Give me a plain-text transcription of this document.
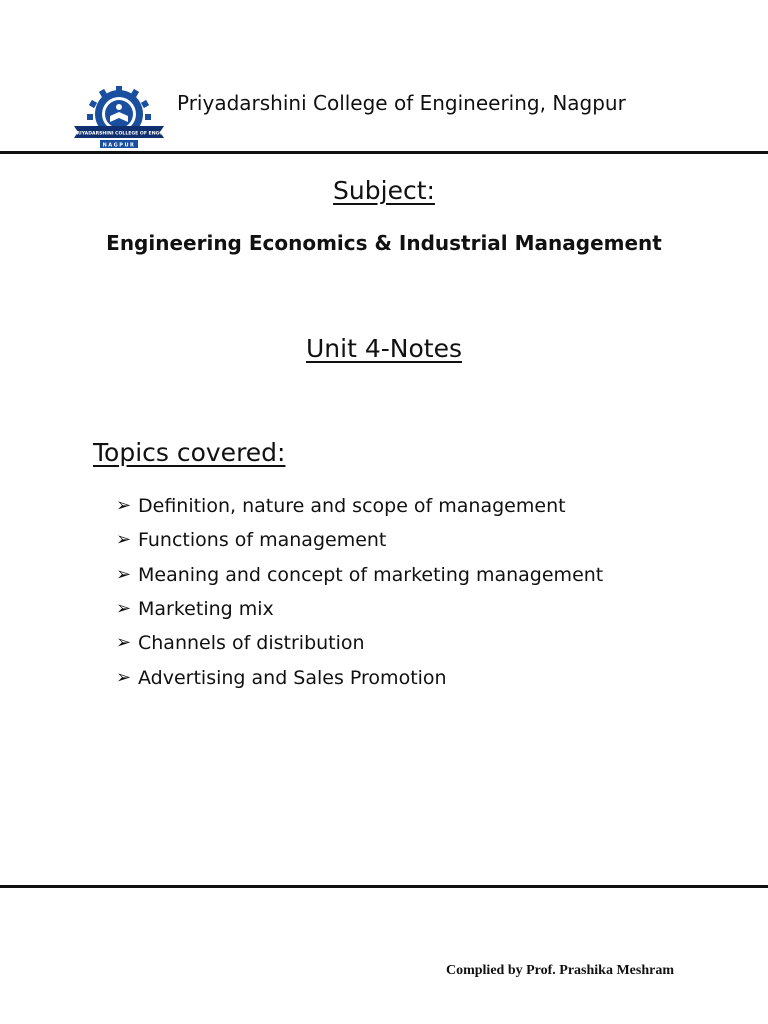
PRIYADARSHINI COLLEGE OF ENGG.
NAGPUR
Priyadarshini College of Engineering, Nagpur
Subject:
Engineering Economics & Industrial Management
Unit 4-Notes
Topics covered:
➢ Definition, nature and scope of management
➢ Functions of management
➢ Meaning and concept of marketing management
➢ Marketing mix
➢ Channels of distribution
➢ Advertising and Sales Promotion
Complied by Prof. Prashika Meshram
